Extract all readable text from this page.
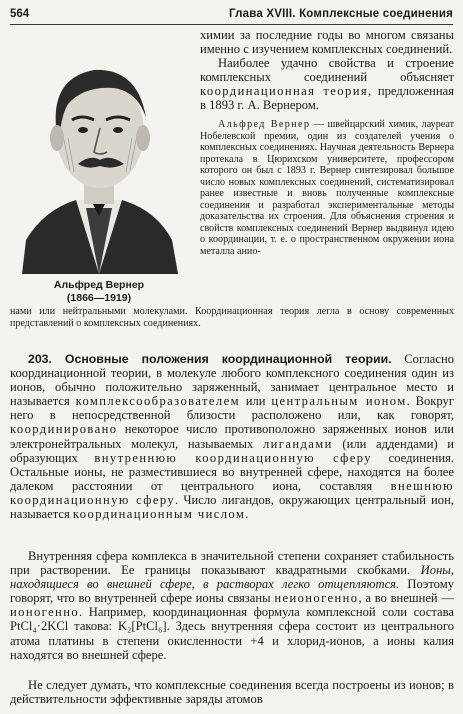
564	Глава XVIII. Комплексные соединения
Альфред Вернер
(1866—1919)

химии за последние годы во многом связаны именно с изучением комплексных соединений.

Наиболее удачно свойства и строение комплексных соединений объясняет координационная теория, предложенная в 1893 г. А. Вернером.

Альфред Вернер — швейцарский химик, лауреат Нобелевской премии, один из создателей учения о комплексных соединениях. Научная деятельность Вернера протекала в Цюрихском университете, профессором которого он был с 1893 г. Вернер синтезировал большое число новых комплексных соединений, систематизировал ранее известные и вновь полученные комплексные соединения и разработал экспериментальные методы доказательства их строения. Для объяснения строения и свойств комплексных соединений Вернер выдвинул идею о координации, т. е. о пространственном окружении иона металла анио-

нами или нейтральными молекулами. Координационная теория легла в основу современных представлений о комплексных соединениях.

203. Основные положения координационной теории. Согласно координационной теории, в молекуле любого комплексного соединения один из ионов, обычно положительно заряженный, занимает центральное место и называется комплексообразователем или центральным ионом. Вокруг него в непосредственной близости расположено или, как говорят, координировано некоторое число противоположно заряженных ионов или электронейтральных молекул, называемых лигандами (или аддендами) и образующих внутреннюю координационную сферу соединения. Остальные ионы, не разместившиеся во внутренней сфере, находятся на более далеком расстоянии от центрального иона, составляя внешнюю координационную сферу. Число лигандов, окружающих центральный ион, называется координационным числом.

Внутренняя сфера комплекса в значительной степени сохраняет стабильность при растворении. Ее границы показывают квадратными скобками. Ионы, находящиеся во внешней сфере, в растворах легко отщепляются. Поэтому говорят, что во внутренней сфере ионы связаны неионогенно, а во внешней — ионогенно. Например, координационная формула комплексной соли состава PtCl₄·2KCl такова: K₂[PtCl₆]. Здесь внутренняя сфера состоит из центрального атома платины в степени окисленности +4 и хлорид-ионов, а ионы калия находятся во внешней сфере.

Не следует думать, что комплексные соединения всегда построены из ионов; в действительности эффективные заряды атомов
